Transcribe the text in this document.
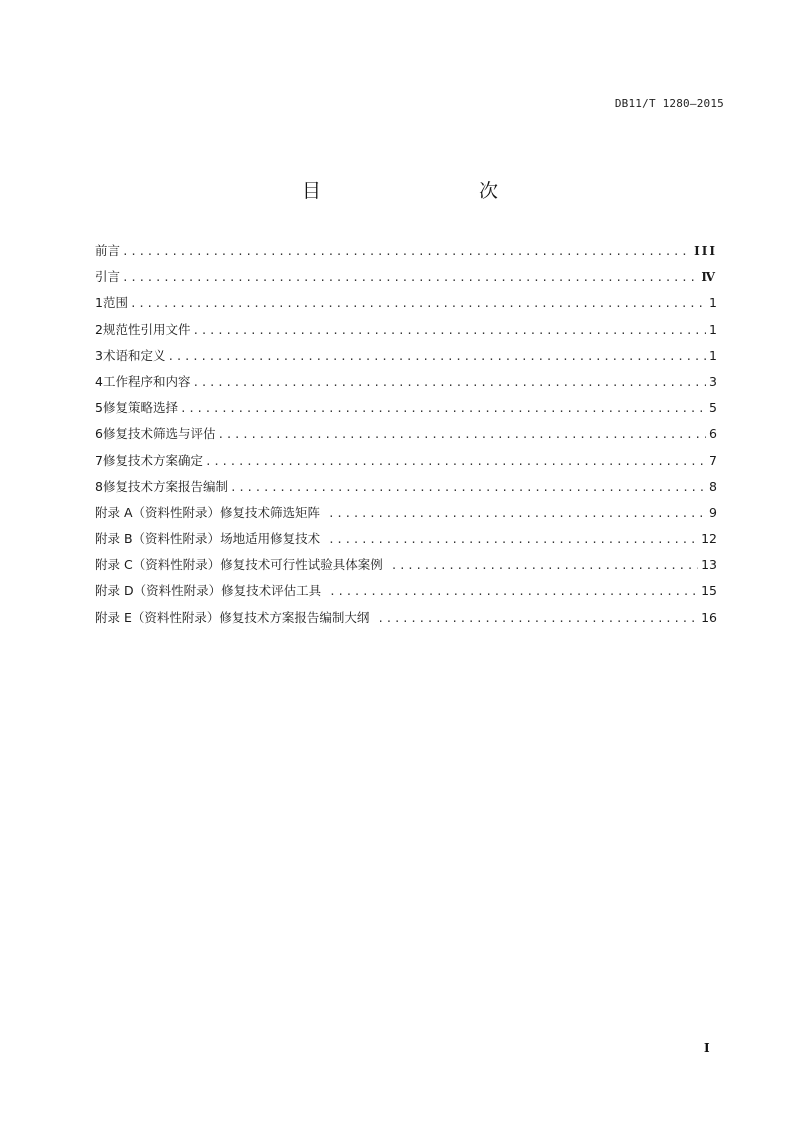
DB11/T 1280—2015
目　　次
前言 .....	III
引言 .....	Ⅳ
1 范围 .....	1
2 规范性引用文件 .....	1
3 术语和定义 .....	1
4 工作程序和内容 .....	3
5 修复策略选择 .....	5
6 修复技术筛选与评估 .....	6
7 修复技术方案确定 .....	7
8 修复技术方案报告编制 .....	8
附录 A（资料性附录） 修复技术筛选矩阵 .....	9
附录 B（资料性附录） 场地适用修复技术 .....	12
附录 C（资料性附录） 修复技术可行性试验具体案例 .....	13
附录 D（资料性附录） 修复技术评估工具 .....	15
附录 E（资料性附录） 修复技术方案报告编制大纲 .....	16
I
